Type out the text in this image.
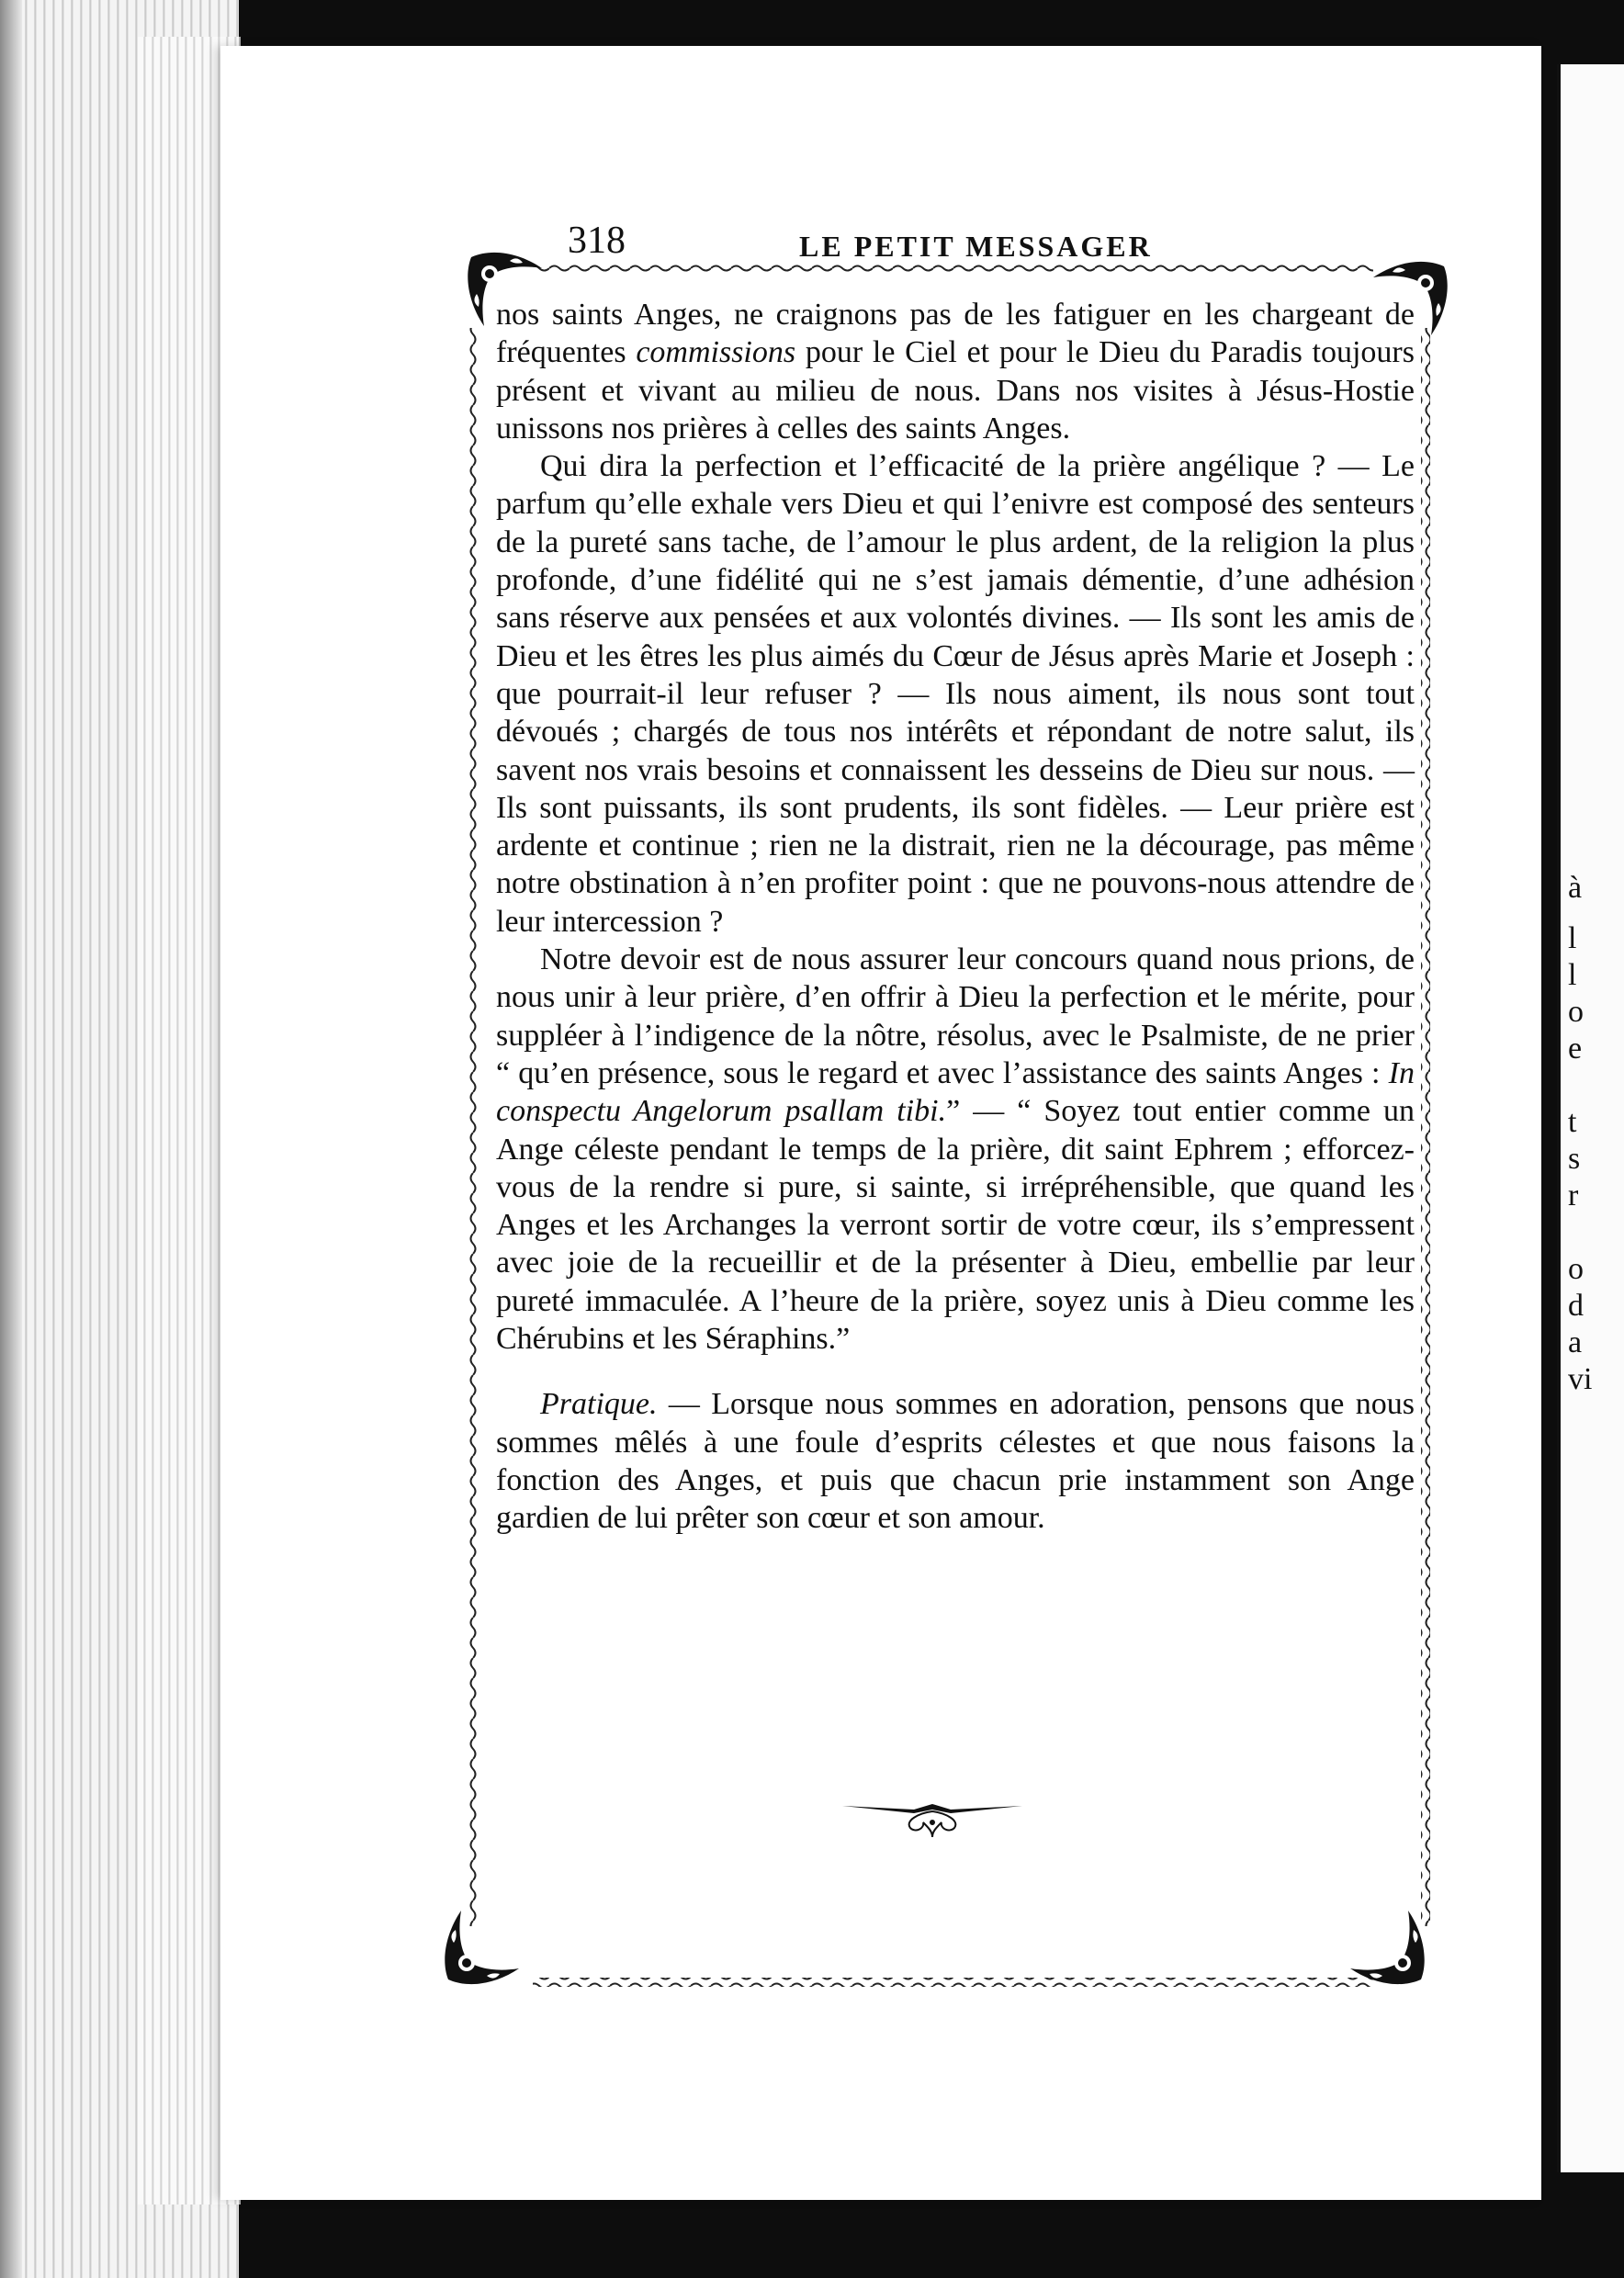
à
l
l
o
e
t
s
r
o
d
a
vi
318	LE PETIT MESSAGER

nos saints Anges, ne craignons pas de les fatiguer en les chargeant de fréquentes commissions pour le Ciel et pour le Dieu du Paradis toujours présent et vivant au milieu de nous. Dans nos visites à Jésus-Hostie unissons nos prières à celles des saints Anges.

Qui dira la perfection et l’efficacité de la prière angélique ? — Le parfum qu’elle exhale vers Dieu et qui l’enivre est composé des senteurs de la pureté sans tache, de l’amour le plus ardent, de la religion la plus profonde, d’une fidélité qui ne s’est jamais démentie, d’une adhésion sans réserve aux pensées et aux volontés divines. — Ils sont les amis de Dieu et les êtres les plus aimés du Cœur de Jésus après Marie et Joseph : que pourrait-il leur refuser ? — Ils nous aiment, ils nous sont tout dévoués ; chargés de tous nos intérêts et répondant de notre salut, ils savent nos vrais besoins et connaissent les desseins de Dieu sur nous. — Ils sont puissants, ils sont prudents, ils sont fidèles. — Leur prière est ardente et continue ; rien ne la distrait, rien ne la décourage, pas même notre obstination à n’en profiter point : que ne pouvons-nous attendre de leur intercession ?

Notre devoir est de nous assurer leur concours quand nous prions, de nous unir à leur prière, d’en offrir à Dieu la perfection et le mérite, pour suppléer à l’indigence de la nôtre, résolus, avec le Psalmiste, de ne prier “ qu’en présence, sous le regard et avec l’assistance des saints Anges : In conspectu Angelorum psallam tibi.” — “ Soyez tout entier comme un Ange céleste pendant le temps de la prière, dit saint Ephrem ; efforcez-vous de la rendre si pure, si sainte, si irrépréhensible, que quand les Anges et les Archanges la verront sortir de votre cœur, ils s’empressent avec joie de la recueillir et de la présenter à Dieu, embellie par leur pureté immaculée. A l’heure de la prière, soyez unis à Dieu comme les Chérubins et les Séraphins.”

Pratique. — Lorsque nous sommes en adoration, pensons que nous sommes mêlés à une foule d’esprits célestes et que nous faisons la fonction des Anges, et puis que chacun prie instamment son Ange gardien de lui prêter son cœur et son amour.
